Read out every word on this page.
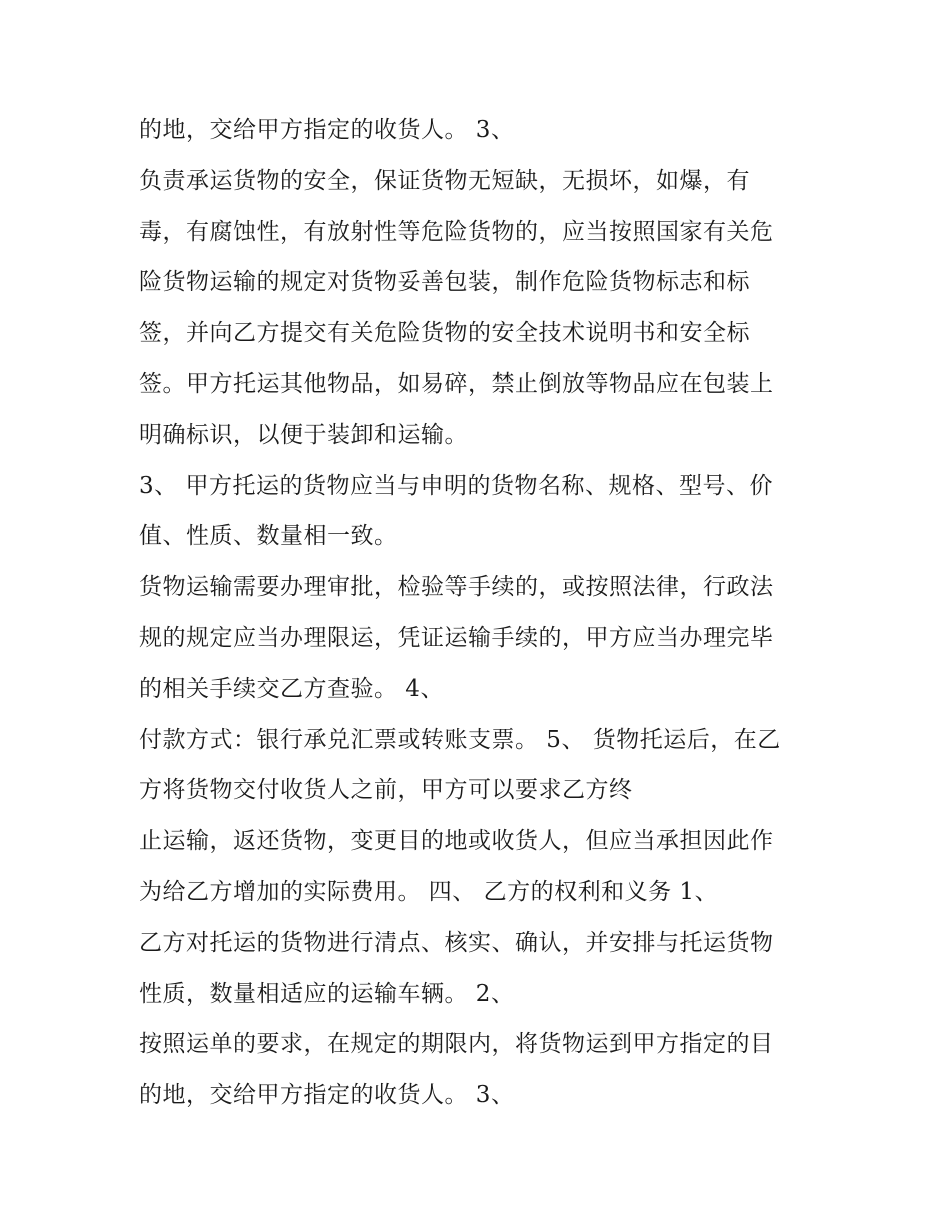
的地，交给甲方指定的收货人。 3、
负责承运货物的安全，保证货物无短缺，无损坏，如爆，有
毒，有腐蚀性，有放射性等危险货物的，应当按照国家有关危
险货物运输的规定对货物妥善包装，制作危险货物标志和标
签，并向乙方提交有关危险货物的安全技术说明书和安全标
签。甲方托运其他物品，如易碎，禁止倒放等物品应在包装上
明确标识，以便于装卸和运输。
3、 甲方托运的货物应当与申明的货物名称、规格、型号、价
值、性质、数量相一致。
货物运输需要办理审批，检验等手续的，或按照法律，行政法
规的规定应当办理限运，凭证运输手续的，甲方应当办理完毕
的相关手续交乙方查验。 4、
付款方式：银行承兑汇票或转账支票。 5、 货物托运后，在乙
方将货物交付收货人之前，甲方可以要求乙方终
止运输，返还货物，变更目的地或收货人，但应当承担因此作
为给乙方增加的实际费用。 四、 乙方的权利和义务 1、
乙方对托运的货物进行清点、核实、确认，并安排与托运货物
性质，数量相适应的运输车辆。 2、
按照运单的要求，在规定的期限内，将货物运到甲方指定的目
的地，交给甲方指定的收货人。 3、
